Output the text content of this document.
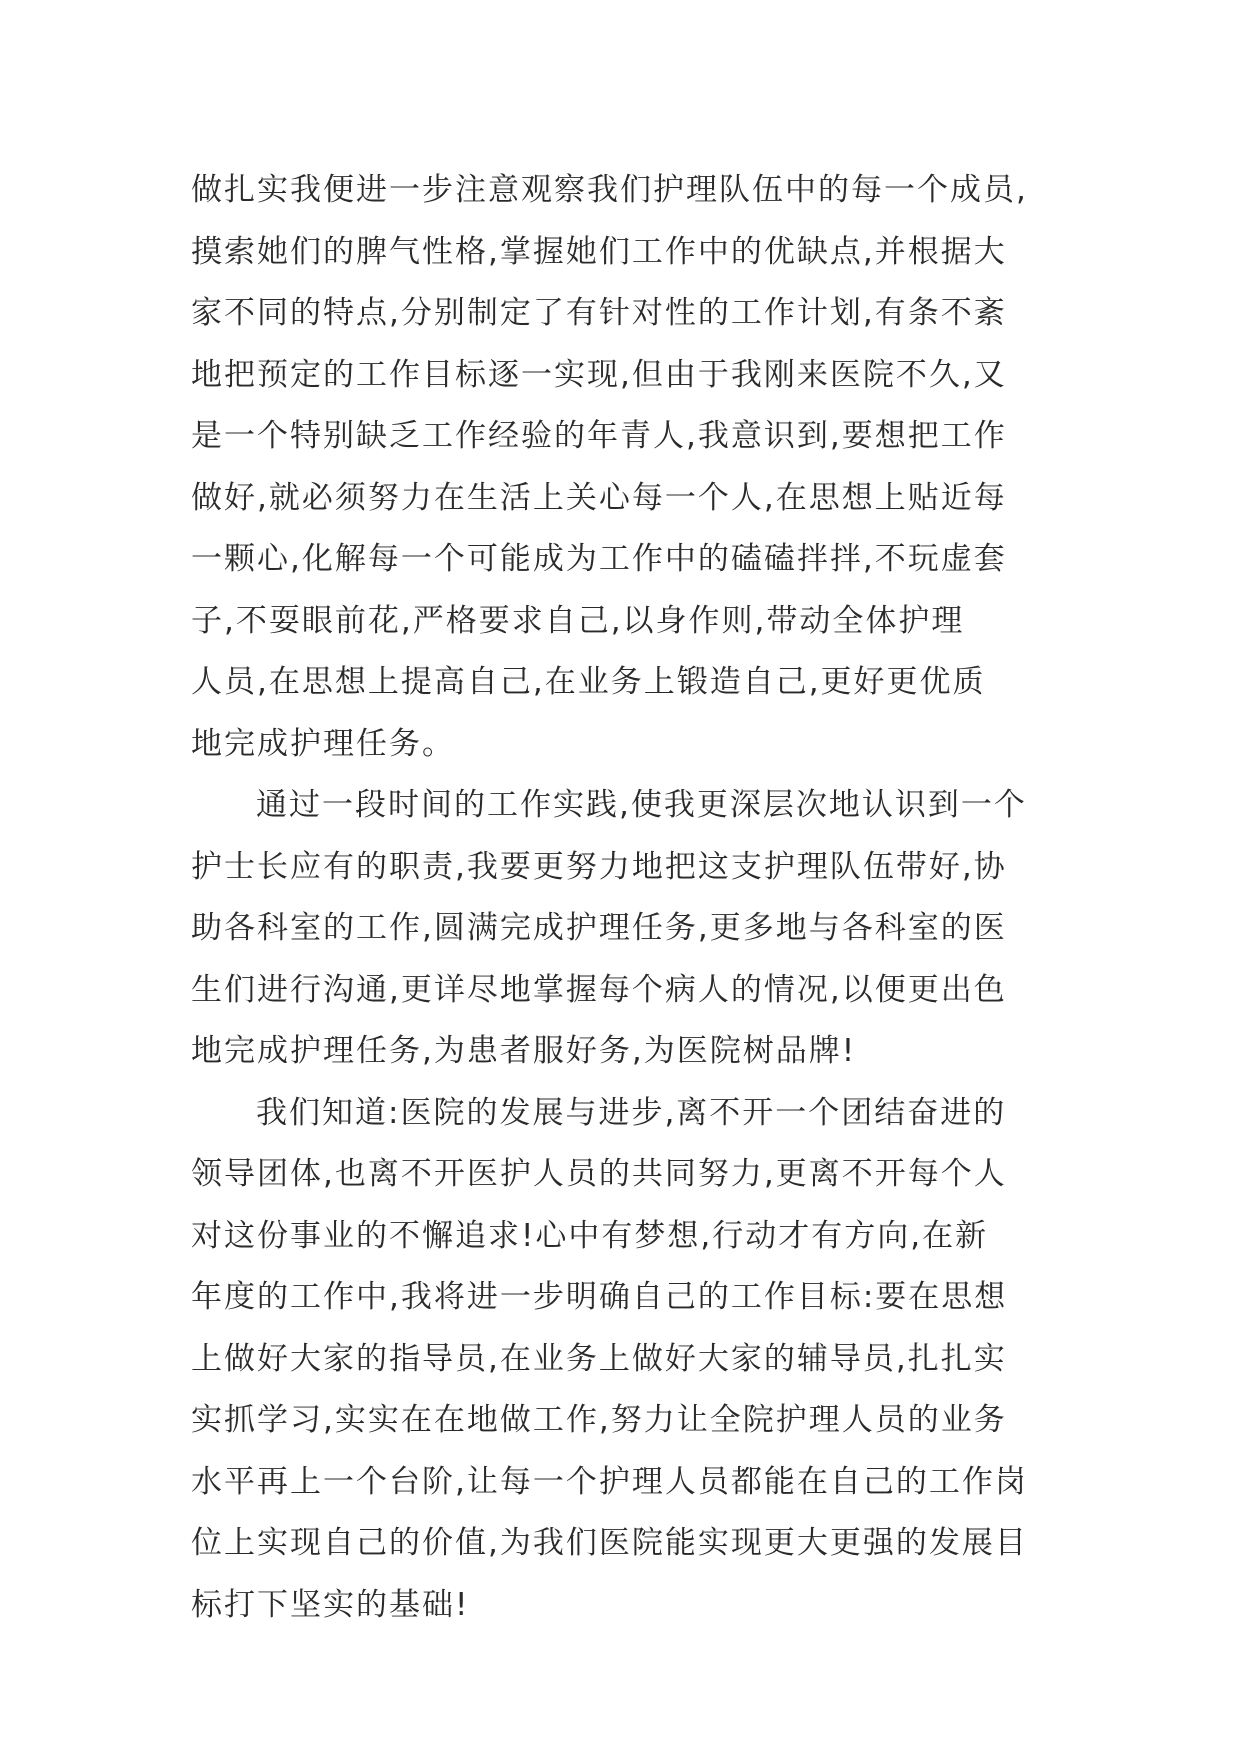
做扎实我便进一步注意观察我们护理队伍中的每一个成员,
摸索她们的脾气性格,掌握她们工作中的优缺点,并根据大
家不同的特点,分别制定了有针对性的工作计划,有条不紊
地把预定的工作目标逐一实现,但由于我刚来医院不久,又
是一个特别缺乏工作经验的年青人,我意识到,要想把工作
做好,就必须努力在生活上关心每一个人,在思想上贴近每
一颗心,化解每一个可能成为工作中的磕磕拌拌,不玩虚套
子,不耍眼前花,严格要求自己,以身作则,带动全体护理
人员,在思想上提高自己,在业务上锻造自己,更好更优质
地完成护理任务。
通过一段时间的工作实践,使我更深层次地认识到一个
护士长应有的职责,我要更努力地把这支护理队伍带好,协
助各科室的工作,圆满完成护理任务,更多地与各科室的医
生们进行沟通,更详尽地掌握每个病人的情况,以便更出色
地完成护理任务,为患者服好务,为医院树品牌!
我们知道:医院的发展与进步,离不开一个团结奋进的
领导团体,也离不开医护人员的共同努力,更离不开每个人
对这份事业的不懈追求!心中有梦想,行动才有方向,在新
年度的工作中,我将进一步明确自己的工作目标:要在思想
上做好大家的指导员,在业务上做好大家的辅导员,扎扎实
实抓学习,实实在在地做工作,努力让全院护理人员的业务
水平再上一个台阶,让每一个护理人员都能在自己的工作岗
位上实现自己的价值,为我们医院能实现更大更强的发展目
标打下坚实的基础!
